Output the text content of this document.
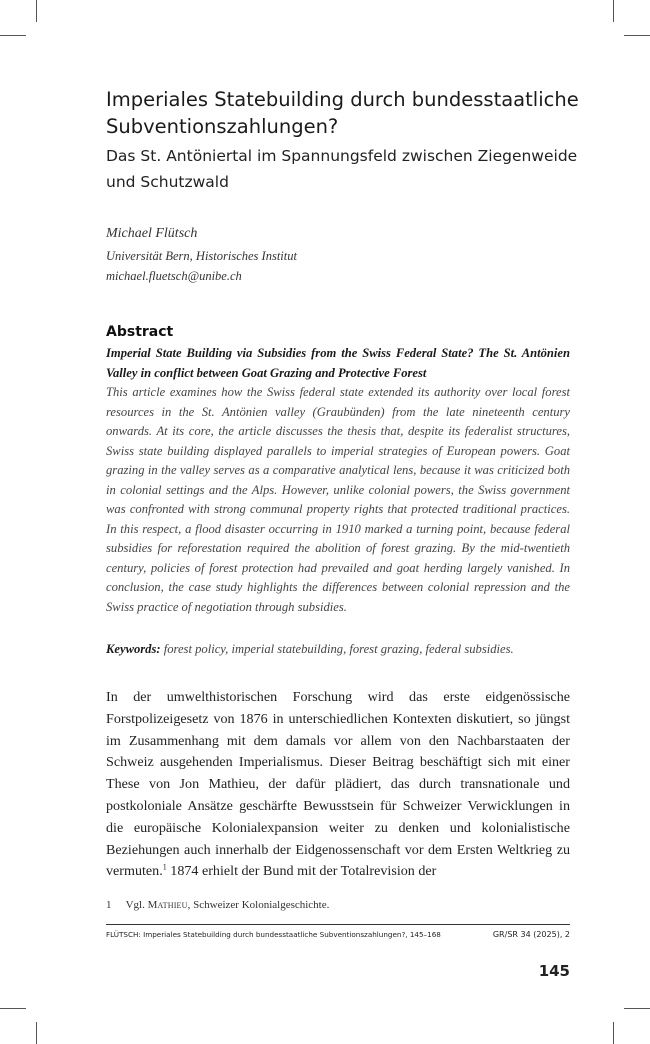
Imperiales Statebuilding durch bundesstaatliche Subventionszahlungen?

Das St. Antöniertal im Spannungsfeld zwischen Ziegenweide und Schutzwald

Michael Flütsch
Universität Bern, Historisches Institut
michael.fluetsch@unibe.ch
Abstract
Imperial State Building via Subsidies from the Swiss Federal State? The St. Antönien Valley in conflict between Goat Grazing and Protective Forest
This article examines how the Swiss federal state extended its authority over local forest resources in the St. Antönien valley (Graubünden) from the late nineteenth century onwards. At its core, the article discusses the thesis that, despite its federalist structures, Swiss state building displayed parallels to imperial strategies of European powers. Goat grazing in the valley serves as a comparative analytical lens, because it was criticized both in colonial settings and the Alps. However, unlike colonial powers, the Swiss government was confronted with strong communal property rights that protected traditional practices. In this respect, a flood disaster occurring in 1910 marked a turning point, because federal subsidies for reforestation required the abolition of forest grazing. By the mid-twentieth century, policies of forest protection had prevailed and goat herding largely vanished. In conclusion, the case study highlights the differences between colonial repression and the Swiss practice of negotiation through subsidies.
Keywords: forest policy, imperial statebuilding, forest grazing, federal subsidies.
In der umwelthistorischen Forschung wird das erste eidgenössische Forstpolizeigesetz von 1876 in unterschiedlichen Kontexten diskutiert, so jüngst im Zusammenhang mit dem damals vor allem von den Nachbarstaaten der Schweiz ausgehenden Imperialismus. Dieser Beitrag beschäftigt sich mit einer These von Jon Mathieu, der dafür plädiert, das durch transnationale und postkoloniale Ansätze geschärfte Bewusstsein für Schweizer Verwicklungen in die europäische Kolonialexpansion weiter zu denken und kolonialistische Beziehungen auch innerhalb der Eidgenossenschaft vor dem Ersten Weltkrieg zu vermuten.$^1$ 1874 erhielt der Bund mit der Totalrevision der
1 Vgl. Mathieu, Schweizer Kolonialgeschichte.
FLÜTSCH: Imperiales Statebuilding durch bundesstaatliche Subventionszahlungen?, 145–168	GR/SR 34 (2025), 2
145
